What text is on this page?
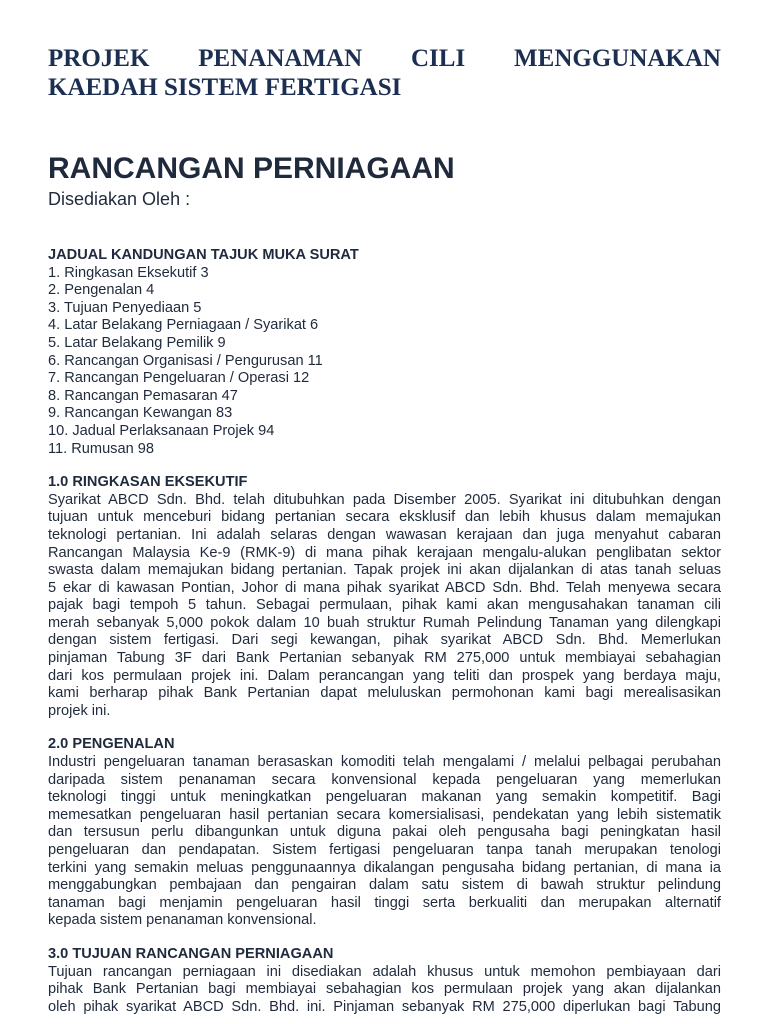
PROJEK PENANAMAN CILI MENGGUNAKAN
KAEDAH SISTEM FERTIGASI
RANCANGAN PERNIAGAAN

Disediakan Oleh :

JADUAL KANDUNGAN TAJUK MUKA SURAT
1. Ringkasan Eksekutif 3
2. Pengenalan 4
3. Tujuan Penyediaan 5
4. Latar Belakang Perniagaan / Syarikat 6
5. Latar Belakang Pemilik 9
6. Rancangan Organisasi / Pengurusan 11
7. Rancangan Pengeluaran / Operasi 12
8. Rancangan Pemasaran 47
9. Rancangan Kewangan 83
10. Jadual Perlaksanaan Projek 94
11. Rumusan 98
1.0 RINGKASAN EKSEKUTIF

Syarikat ABCD Sdn. Bhd. telah ditubuhkan pada Disember 2005. Syarikat ini ditubuhkan dengan
tujuan untuk menceburi bidang pertanian secara eksklusif dan lebih khusus dalam memajukan
teknologi pertanian. Ini adalah selaras dengan wawasan kerajaan dan juga menyahut cabaran
Rancangan Malaysia Ke-9 (RMK-9) di mana pihak kerajaan mengalu-alukan penglibatan sektor
swasta dalam memajukan bidang pertanian. Tapak projek ini akan dijalankan di atas tanah seluas
5 ekar di kawasan Pontian, Johor di mana pihak syarikat ABCD Sdn. Bhd. Telah menyewa secara
pajak bagi tempoh 5 tahun. Sebagai permulaan, pihak kami akan mengusahakan tanaman cili
merah sebanyak 5,000 pokok dalam 10 buah struktur Rumah Pelindung Tanaman yang dilengkapi
dengan sistem fertigasi. Dari segi kewangan, pihak syarikat ABCD Sdn. Bhd. Memerlukan
pinjaman Tabung 3F dari Bank Pertanian sebanyak RM 275,000 untuk membiayai sebahagian
dari kos permulaan projek ini. Dalam perancangan yang teliti dan prospek yang berdaya maju,
kami berharap pihak Bank Pertanian dapat meluluskan permohonan kami bagi merealisasikan
projek ini.

2.0 PENGENALAN

Industri pengeluaran tanaman berasaskan komoditi telah mengalami / melalui pelbagai perubahan
daripada sistem penanaman secara konvensional kepada pengeluaran yang memerlukan
teknologi tinggi untuk meningkatkan pengeluaran makanan yang semakin kompetitif. Bagi
memesatkan pengeluaran hasil pertanian secara komersialisasi, pendekatan yang lebih sistematik
dan tersusun perlu dibangunkan untuk diguna pakai oleh pengusaha bagi peningkatan hasil
pengeluaran dan pendapatan. Sistem fertigasi pengeluaran tanpa tanah merupakan tenologi
terkini yang semakin meluas penggunaannya dikalangan pengusaha bidang pertanian, di mana ia
menggabungkan pembajaan dan pengairan dalam satu sistem di bawah struktur pelindung
tanaman bagi menjamin pengeluaran hasil tinggi serta berkualiti dan merupakan alternatif
kepada sistem penanaman konvensional.

3.0 TUJUAN RANCANGAN PERNIAGAAN

Tujuan rancangan perniagaan ini disediakan adalah khusus untuk memohon pembiayaan dari
pihak Bank Pertanian bagi membiayai sebahagian kos permulaan projek yang akan dijalankan
oleh pihak syarikat ABCD Sdn. Bhd. ini. Pinjaman sebanyak RM 275,000 diperlukan bagi Tabung
